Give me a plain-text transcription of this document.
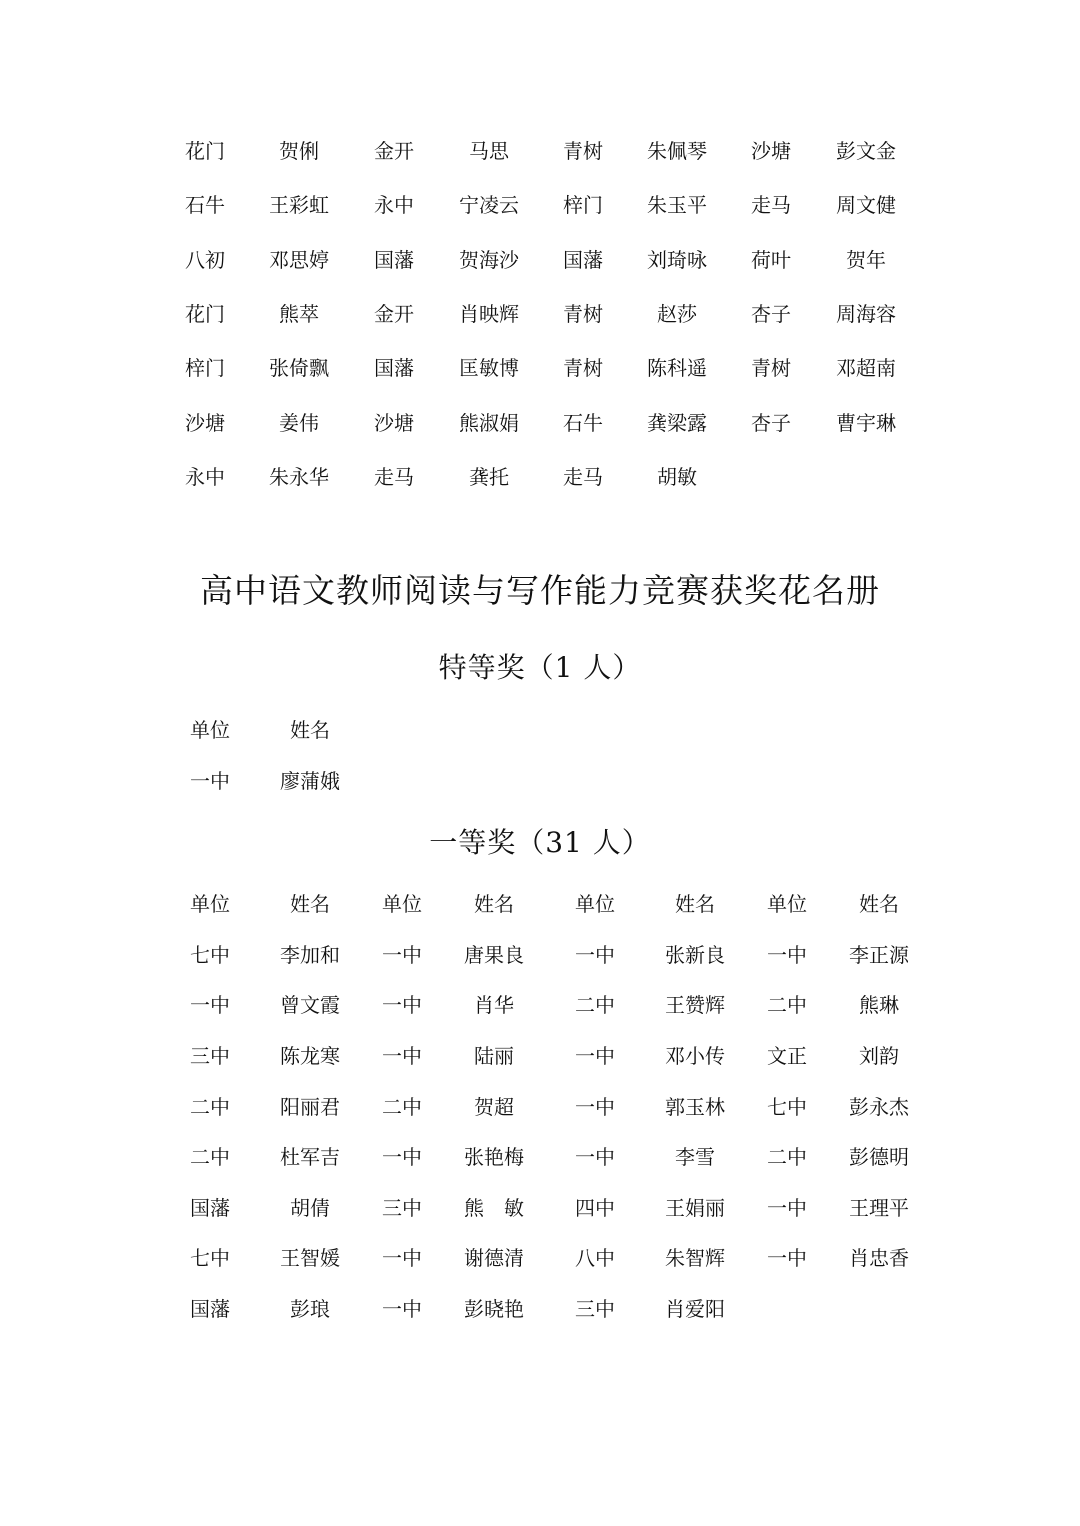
花门	贺俐	金开	马思	青树	朱佩琴	沙塘	彭文金
石牛	王彩虹	永中	宁凌云	梓门	朱玉平	走马	周文健
八初	邓思婷	国藩	贺海沙	国藩	刘琦咏	荷叶	贺年
花门	熊萃	金开	肖映辉	青树	赵莎	杏子	周海容
梓门	张倚飘	国藩	匡敏博	青树	陈科遥	青树	邓超南
沙塘	姜伟	沙塘	熊淑娟	石牛	龚梁露	杏子	曹宇琳
永中	朱永华	走马	龚托	走马	胡敏
高中语文教师阅读与写作能力竞赛获奖花名册
特等奖（1 人）
单位	姓名
一中	廖蒲娥
一等奖（31 人）
单位	姓名	单位	姓名	单位	姓名	单位	姓名
七中	李加和	一中	唐果良	一中	张新良	一中	李正源
一中	曾文霞	一中	肖华	二中	王赞辉	二中	熊琳
三中	陈龙寒	一中	陆丽	一中	邓小传	文正	刘韵
二中	阳丽君	二中	贺超	一中	郭玉林	七中	彭永杰
二中	杜军吉	一中	张艳梅	一中	李雪	二中	彭德明
国藩	胡倩	三中	熊　敏	四中	王娟丽	一中	王理平
七中	王智媛	一中	谢德清	八中	朱智辉	一中	肖忠香
国藩	彭琅	一中	彭晓艳	三中	肖爱阳
